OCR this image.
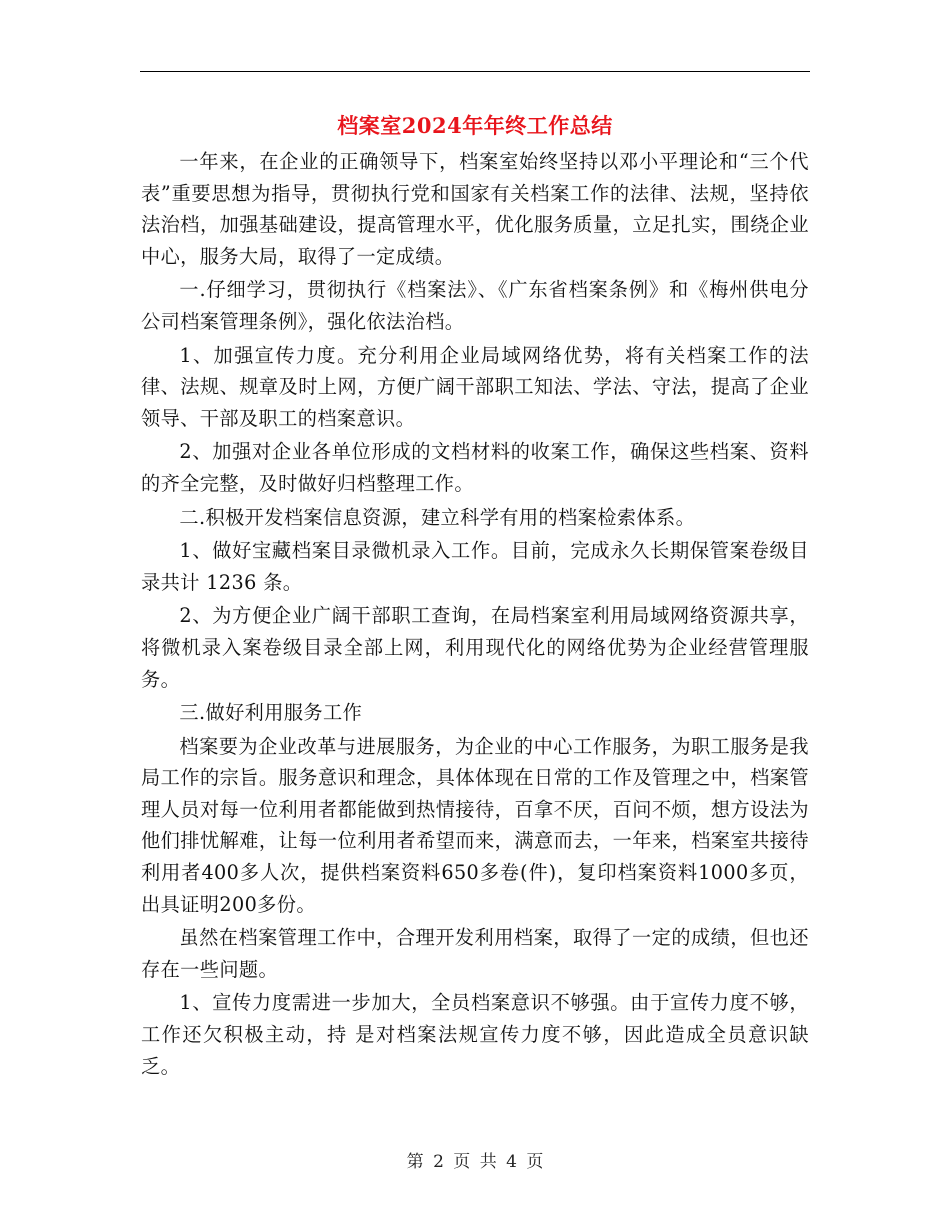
档案室2024年年终工作总结

一年来，在企业的正确领导下，档案室始终坚持以邓小平理论和“三个代表”重要思想为指导，贯彻执行党和国家有关档案工作的法律、法规，坚持依法治档，加强基础建设，提高管理水平，优化服务质量，立足扎实，围绕企业中心，服务大局，取得了一定成绩。

一.仔细学习，贯彻执行《档案法》、《广东省档案条例》和《梅州供电分公司档案管理条例》，强化依法治档。

1、加强宣传力度。充分利用企业局域网络优势，将有关档案工作的法律、法规、规章及时上网，方便广阔干部职工知法、学法、守法，提高了企业领导、干部及职工的档案意识。

2、加强对企业各单位形成的文档材料的收案工作，确保这些档案、资料的齐全完整，及时做好归档整理工作。

二.积极开发档案信息资源，建立科学有用的档案检索体系。

1、做好宝藏档案目录微机录入工作。目前，完成永久长期保管案卷级目录共计 1236 条。

2、为方便企业广阔干部职工查询，在局档案室利用局域网络资源共享，将微机录入案卷级目录全部上网，利用现代化的网络优势为企业经营管理服务。

三.做好利用服务工作

档案要为企业改革与进展服务，为企业的中心工作服务，为职工服务是我局工作的宗旨。服务意识和理念，具体体现在日常的工作及管理之中，档案管理人员对每一位利用者都能做到热情接待，百拿不厌，百问不烦，想方设法为他们排忧解难，让每一位利用者希望而来，满意而去，一年来，档案室共接待利用者400多人次，提供档案资料650多卷(件)，复印档案资料1000多页，出具证明200多份。

虽然在档案管理工作中，合理开发利用档案，取得了一定的成绩，但也还存在一些问题。

1、宣传力度需进一步加大，全员档案意识不够强。由于宣传力度不够，工作还欠积极主动，持 是对档案法规宣传力度不够，因此造成全员意识缺乏。

第 2 页 共 4 页
